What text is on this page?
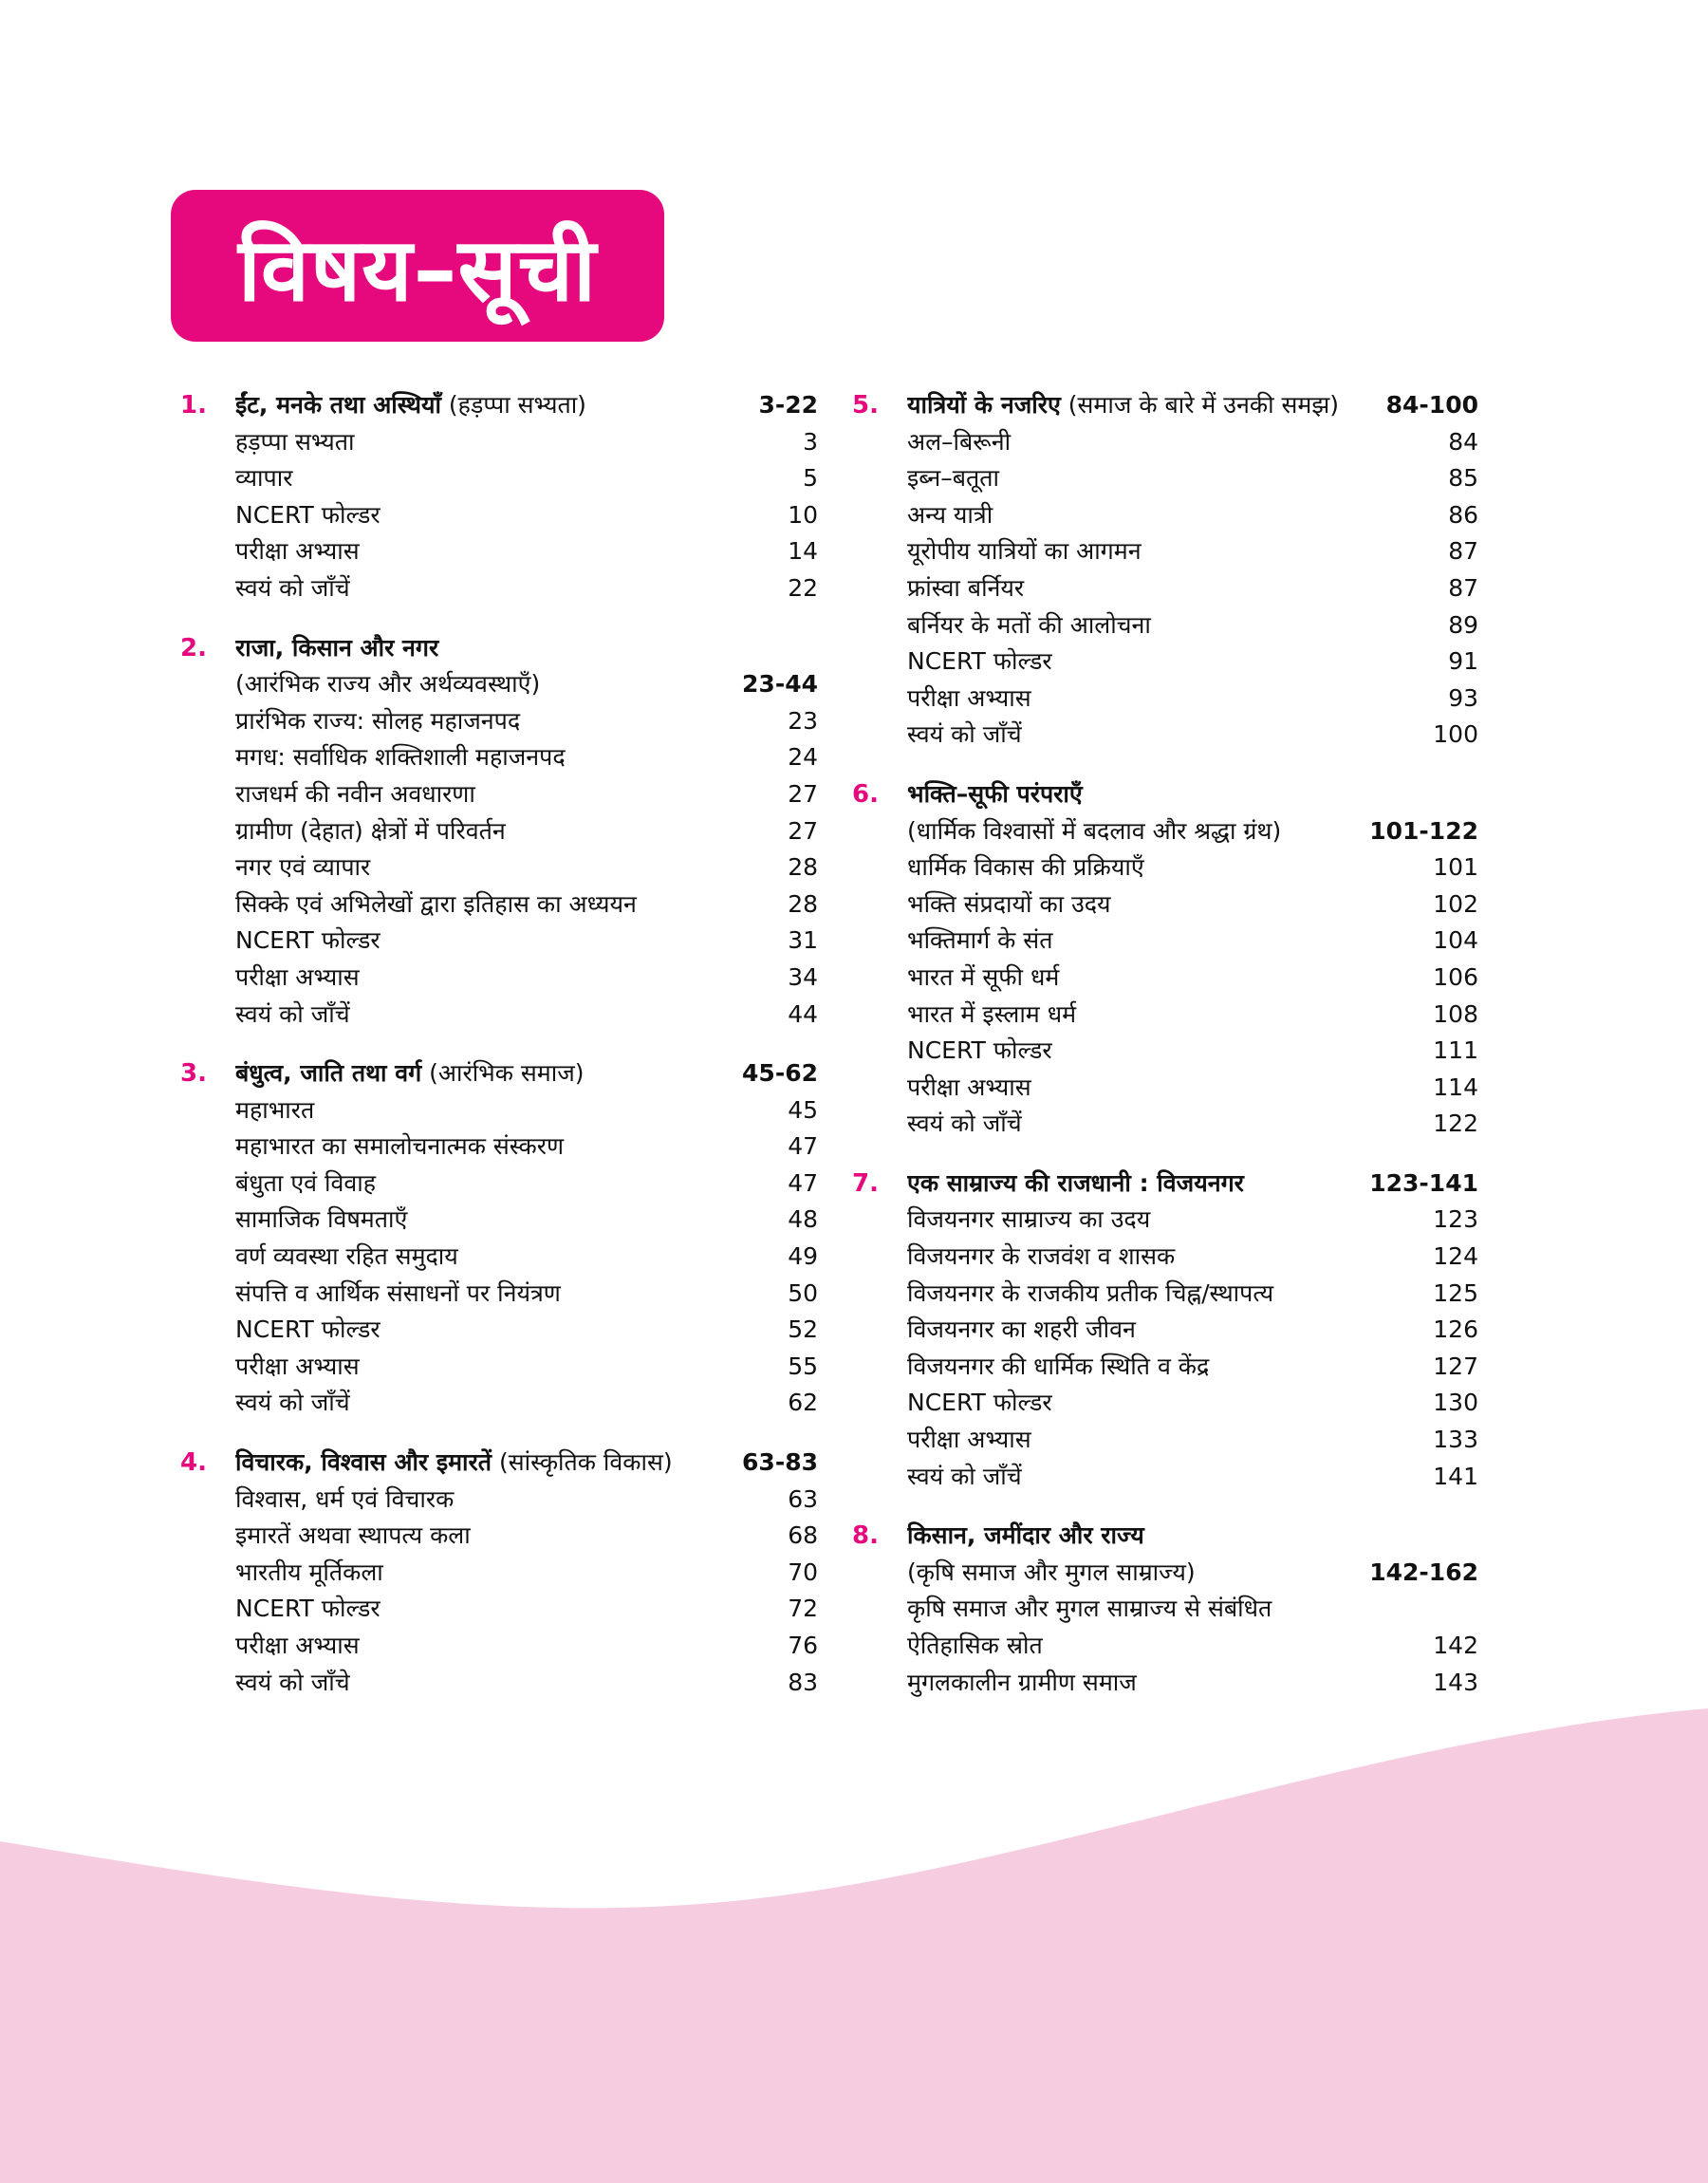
विषय–सूची
1.	ईंट, मनके तथा अस्थियाँ (हड़प्पा सभ्यता)	3-22
हड़प्पा सभ्यता	3
व्यापार	5
NCERT फोल्डर	10
परीक्षा अभ्यास	14
स्वयं को जाँचें	22
2.	राजा, किसान और नगर
(आरंभिक राज्य और अर्थव्यवस्थाएँ)	23-44
प्रारंभिक राज्य: सोलह महाजनपद	23
मगध: सर्वाधिक शक्तिशाली महाजनपद	24
राजधर्म की नवीन अवधारणा	27
ग्रामीण (देहात) क्षेत्रों में परिवर्तन	27
नगर एवं व्यापार	28
सिक्के एवं अभिलेखों द्वारा इतिहास का अध्ययन	28
NCERT फोल्डर	31
परीक्षा अभ्यास	34
स्वयं को जाँचें	44
3.	बंधुत्व, जाति तथा वर्ग (आरंभिक समाज)	45-62
महाभारत	45
महाभारत का समालोचनात्मक संस्करण	47
बंधुता एवं विवाह	47
सामाजिक विषमताएँ	48
वर्ण व्यवस्था रहित समुदाय	49
संपत्ति व आर्थिक संसाधनों पर नियंत्रण	50
NCERT फोल्डर	52
परीक्षा अभ्यास	55
स्वयं को जाँचें	62
4.	विचारक, विश्वास और इमारतें (सांस्कृतिक विकास)	63-83
विश्वास, धर्म एवं विचारक	63
इमारतें अथवा स्थापत्य कला	68
भारतीय मूर्तिकला	70
NCERT फोल्डर	72
परीक्षा अभ्यास	76
स्वयं को जाँचे	83
5.	यात्रियों के नजरिए (समाज के बारे में उनकी समझ)	84-100
अल–बिरूनी	84
इब्न–बतूता	85
अन्य यात्री	86
यूरोपीय यात्रियों का आगमन	87
फ्रांस्वा बर्नियर	87
बर्नियर के मतों की आलोचना	89
NCERT फोल्डर	91
परीक्षा अभ्यास	93
स्वयं को जाँचें	100
6.	भक्ति–सूफी परंपराएँ
(धार्मिक विश्वासों में बदलाव और श्रद्धा ग्रंथ)	101-122
धार्मिक विकास की प्रक्रियाएँ	101
भक्ति संप्रदायों का उदय	102
भक्तिमार्ग के संत	104
भारत में सूफी धर्म	106
भारत में इस्लाम धर्म	108
NCERT फोल्डर	111
परीक्षा अभ्यास	114
स्वयं को जाँचें	122
7.	एक साम्राज्य की राजधानी : विजयनगर	123-141
विजयनगर साम्राज्य का उदय	123
विजयनगर के राजवंश व शासक	124
विजयनगर के राजकीय प्रतीक चिह्न/स्थापत्य	125
विजयनगर का शहरी जीवन	126
विजयनगर की धार्मिक स्थिति व केंद्र	127
NCERT फोल्डर	130
परीक्षा अभ्यास	133
स्वयं को जाँचें	141
8.	किसान, जमींदार और राज्य
(कृषि समाज और मुगल साम्राज्य)	142-162
कृषि समाज और मुगल साम्राज्य से संबंधित
ऐतिहासिक स्रोत	142
मुगलकालीन ग्रामीण समाज	143
